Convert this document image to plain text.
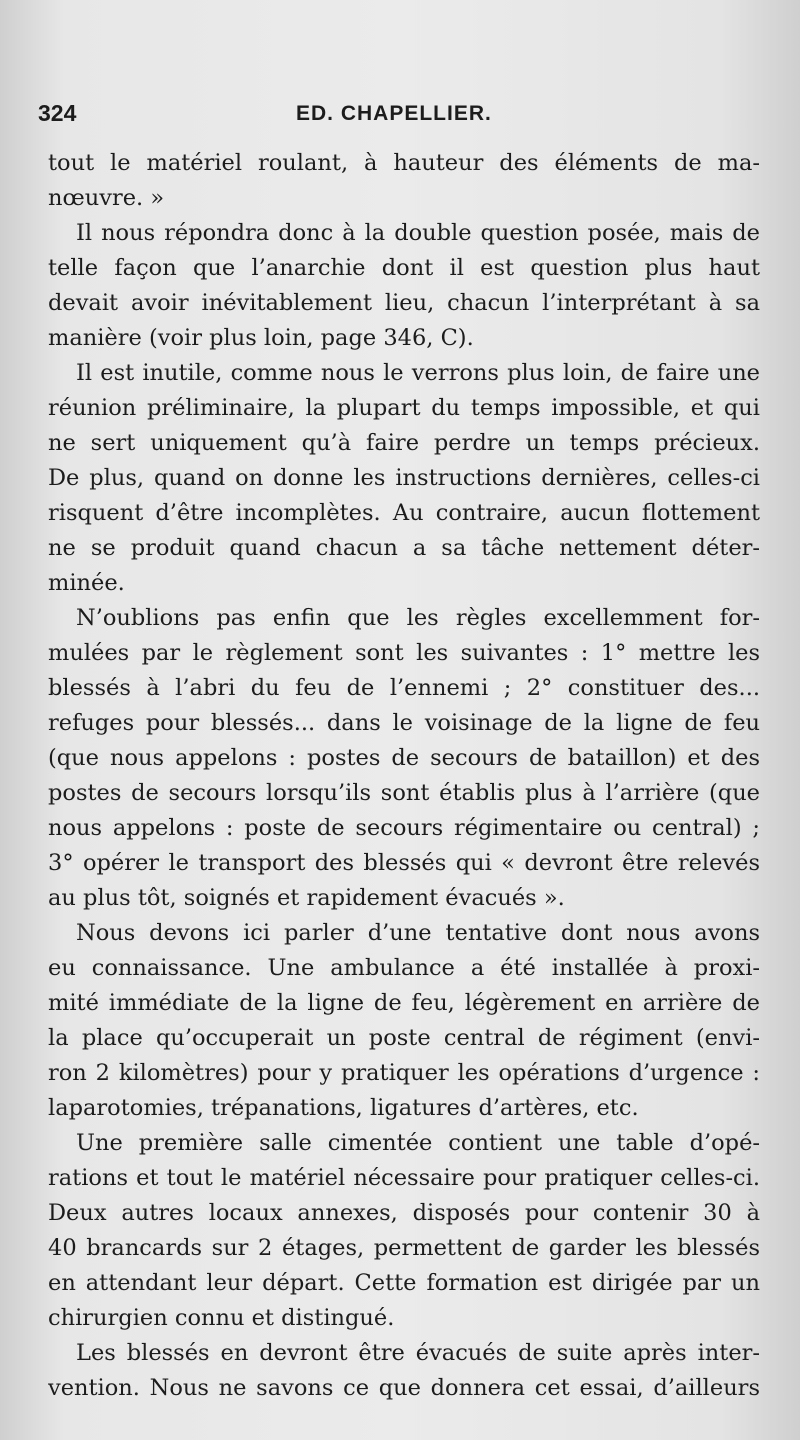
324	ED. CHAPELLIER.
tout le matériel roulant, à hauteur des éléments de ma-
nœuvre. »
Il nous répondra donc à la double question posée, mais de
telle façon que l’anarchie dont il est question plus haut
devait avoir inévitablement lieu, chacun l’interprétant à sa
manière (voir plus loin, page 346, C).
Il est inutile, comme nous le verrons plus loin, de faire une
réunion préliminaire, la plupart du temps impossible, et qui
ne sert uniquement qu’à faire perdre un temps précieux.
De plus, quand on donne les instructions dernières, celles-ci
risquent d’être incomplètes. Au contraire, aucun flottement
ne se produit quand chacun a sa tâche nettement déter-
minée.
N’oublions pas enfin que les règles excellemment for-
mulées par le règlement sont les suivantes : 1° mettre les
blessés à l’abri du feu de l’ennemi ; 2° constituer des...
refuges pour blessés... dans le voisinage de la ligne de feu
(que nous appelons : postes de secours de bataillon) et des
postes de secours lorsqu’ils sont établis plus à l’arrière (que
nous appelons : poste de secours régimentaire ou central) ;
3° opérer le transport des blessés qui « devront être relevés
au plus tôt, soignés et rapidement évacués ».
Nous devons ici parler d’une tentative dont nous avons
eu connaissance. Une ambulance a été installée à proxi-
mité immédiate de la ligne de feu, légèrement en arrière de
la place qu’occuperait un poste central de régiment (envi-
ron 2 kilomètres) pour y pratiquer les opérations d’urgence :
laparotomies, trépanations, ligatures d’artères, etc.
Une première salle cimentée contient une table d’opé-
rations et tout le matériel nécessaire pour pratiquer celles-ci.
Deux autres locaux annexes, disposés pour contenir 30 à
40 brancards sur 2 étages, permettent de garder les blessés
en attendant leur départ. Cette formation est dirigée par un
chirurgien connu et distingué.
Les blessés en devront être évacués de suite après inter-
vention. Nous ne savons ce que donnera cet essai, d’ailleurs
